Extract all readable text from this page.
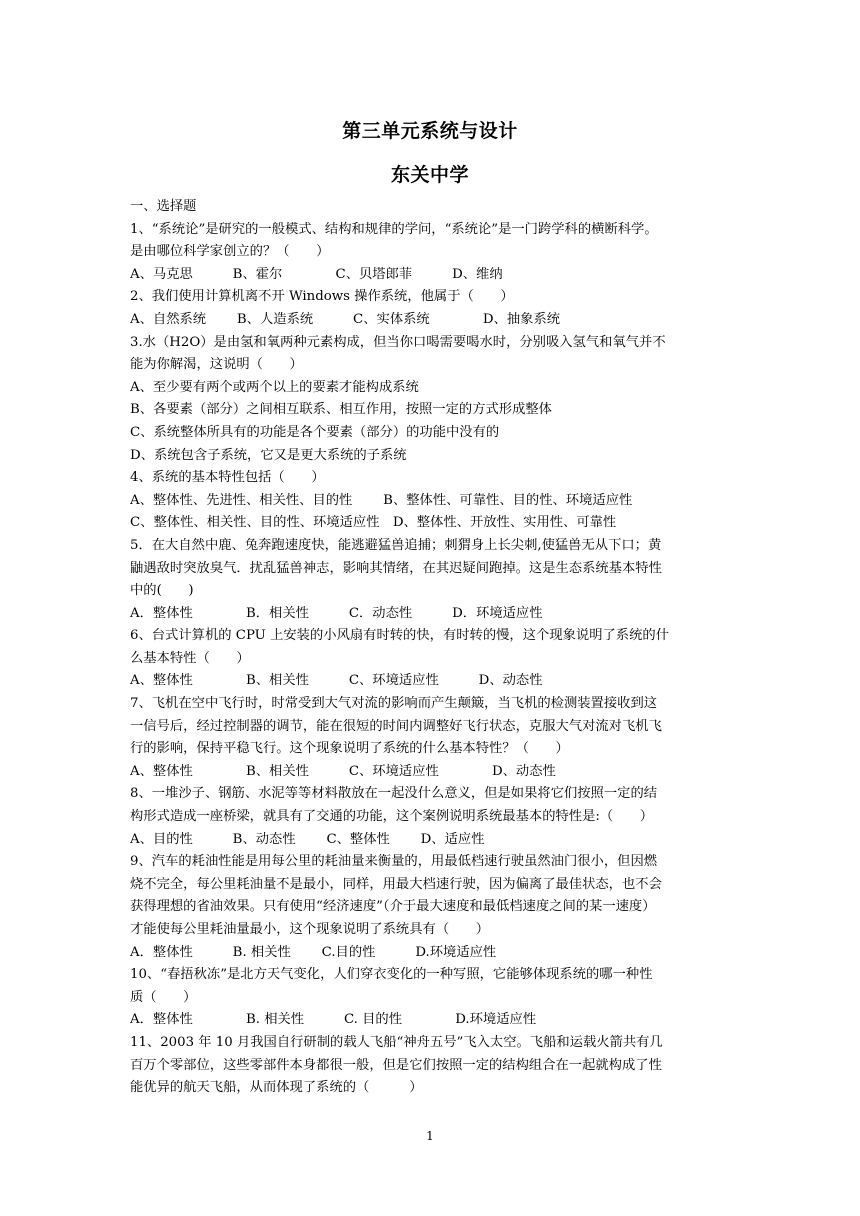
第三单元系统与设计
东关中学
一、选择题
1、“系统论”是研究的一般模式、结构和规律的学问，“系统论”是一门跨学科的横断科学。
是由哪位科学家创立的？（　　）
A、马克思　　　B、霍尔　　　　C、贝塔郎菲　　　D、维纳
2、我们使用计算机离不开 Windows 操作系统，他属于（　　）
A、自然系统　　 B、人造系统　　　C、实体系统　　　　D、抽象系统
3.水（H2O）是由氢和氧两种元素构成，但当你口喝需要喝水时，分别吸入氢气和氧气并不
能为你解渴，这说明（　　）
A、至少要有两个或两个以上的要素才能构成系统
B、各要素（部分）之间相互联系、相互作用，按照一定的方式形成整体
C、系统整体所具有的功能是各个要素（部分）的功能中没有的
D、系统包含子系统，它又是更大系统的子系统
4、系统的基本特性包括（　　）
A、整体性、先进性、相关性、目的性　　 B、整体性、可靠性、目的性、环境适应性
C、整体性、相关性、目的性、环境适应性　D、整体性、开放性、实用性、可靠性
5．在大自然中鹿、兔奔跑速度快，能逃避猛兽追捕；刺猬身上长尖刺,使猛兽无从下口；黄
鼬遇敌时突放臭气．扰乱猛兽神志，影响其情绪，在其迟疑间跑掉。这是生态系统基本特性
中的(　　)
A．整体性　　　　B．相关性　　　C．动态性　　　D．环境适应性
6、台式计算机的 CPU 上安装的小风扇有时转的快，有时转的慢，这个现象说明了系统的什
么基本特性（　　）
A、整体性　　　　B、相关性　　　C、环境适应性　　　D、动态性
7、飞机在空中飞行时，时常受到大气对流的影响而产生颠簸，当飞机的检测装置接收到这
一信号后，经过控制器的调节，能在很短的时间内调整好飞行状态，克服大气对流对飞机飞
行的影响，保持平稳飞行。这个现象说明了系统的什么基本特性？（　　）
A、整体性　　　　B、相关性　　　C、环境适应性　　　　D、动态性
8、一堆沙子、钢筋、水泥等等材料散放在一起没什么意义，但是如果将它们按照一定的结
构形式造成一座桥梁，就具有了交通的功能，这个案例说明系统最基本的特性是:（　　）
A、目的性　　　B、动态性　　 C、整体性　　 D、适应性
9、汽车的耗油性能是用每公里的耗油量来衡量的，用最低档速行驶虽然油门很小，但因燃
烧不完全，每公里耗油量不是最小，同样，用最大档速行驶，因为偏离了最佳状态，也不会
获得理想的省油效果。只有使用“经济速度”（介于最大速度和最低档速度之间的某一速度）
才能使每公里耗油量最小，这个现象说明了系统具有（　　）
A．整体性　　　B. 相关性　　 C.目的性　　　D.环境适应性
10、“春捂秋冻”是北方天气变化，人们穿衣变化的一种写照，它能够体现系统的哪一种性
质（　　）
A．整体性　　　　B. 相关性　　　C. 目的性　　　　D.环境适应性
11、2003 年 10 月我国自行研制的载人飞船“神舟五号”飞入太空。飞船和运载火箭共有几
百万个零部位，这些零部件本身都很一般，但是它们按照一定的结构组合在一起就构成了性
能优异的航天飞船，从而体现了系统的（　　　）
1
